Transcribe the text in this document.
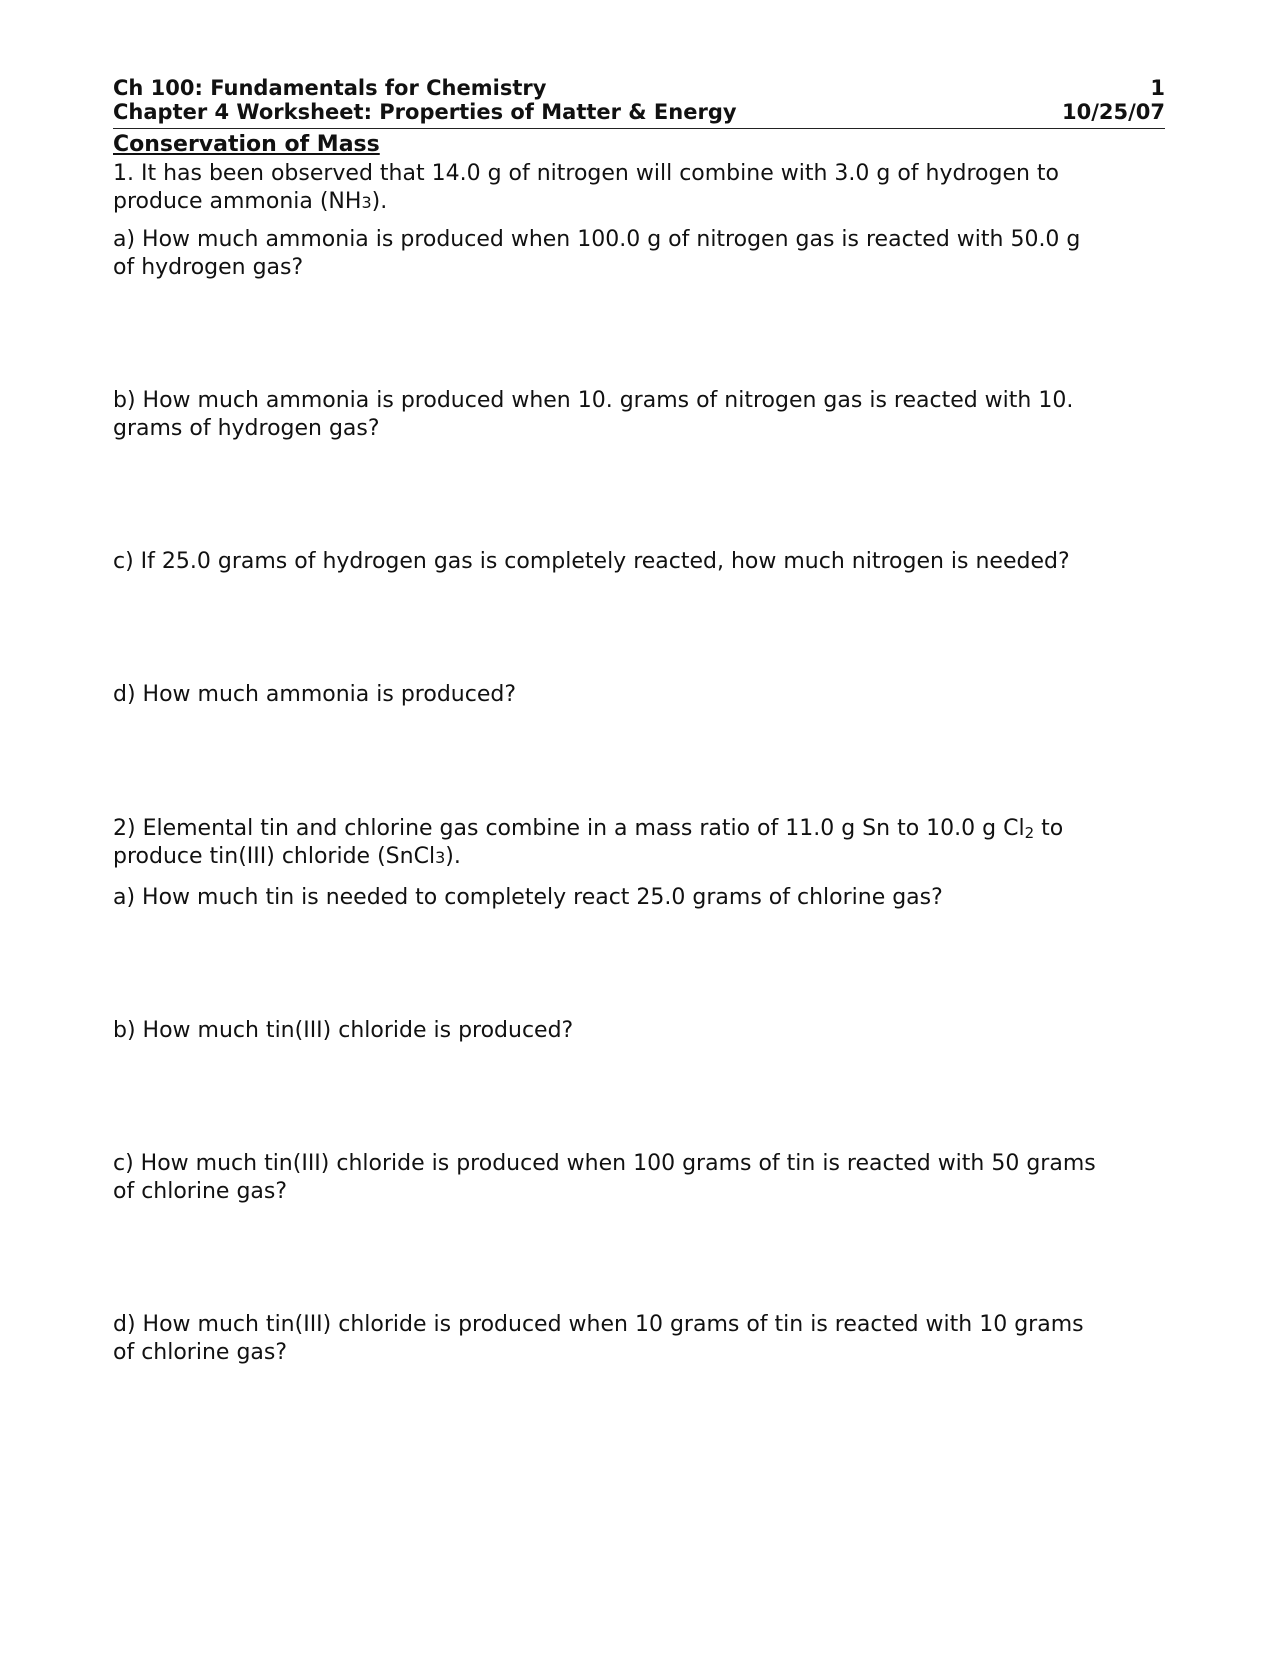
Ch 100: Fundamentals for Chemistry	1
Chapter 4 Worksheet: Properties of Matter & Energy	10/25/07
Conservation of Mass
1. It has been observed that 14.0 g of nitrogen will combine with 3.0 g of hydrogen to
produce ammonia (NH3).
a) How much ammonia is produced when 100.0 g of nitrogen gas is reacted with 50.0 g
of hydrogen gas?
b) How much ammonia is produced when 10. grams of nitrogen gas is reacted with 10.
grams of hydrogen gas?
c) If 25.0 grams of hydrogen gas is completely reacted, how much nitrogen is needed?
d) How much ammonia is produced?
2) Elemental tin and chlorine gas combine in a mass ratio of 11.0 g Sn to 10.0 g $Cl_2$ to
produce tin(III) chloride (SnCl3).
a) How much tin is needed to completely react 25.0 grams of chlorine gas?
b) How much tin(III) chloride is produced?
c) How much tin(III) chloride is produced when 100 grams of tin is reacted with 50 grams
of chlorine gas?
d) How much tin(III) chloride is produced when 10 grams of tin is reacted with 10 grams
of chlorine gas?
